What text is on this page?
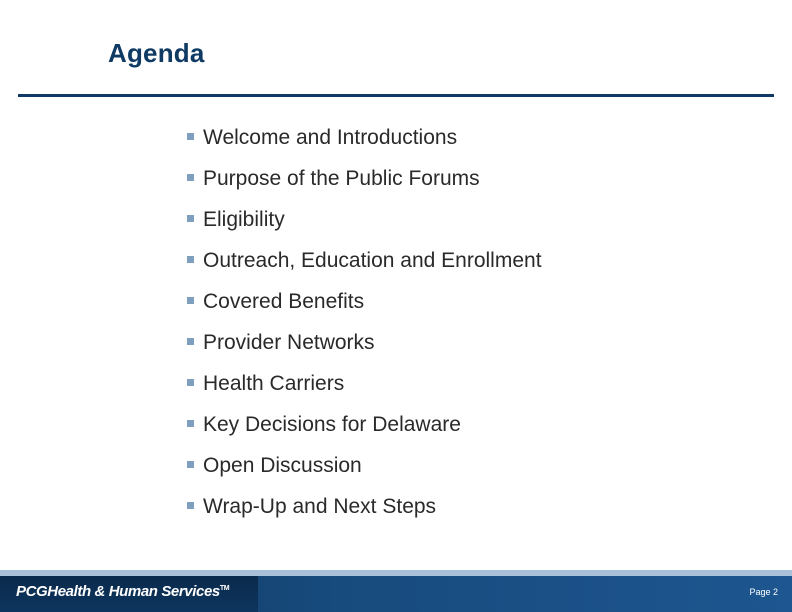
Agenda
Welcome and Introductions
Purpose of the Public Forums
Eligibility
Outreach, Education and Enrollment
Covered Benefits
Provider Networks
Health Carriers
Key Decisions for Delaware
Open Discussion
Wrap-Up and Next Steps
PCGHealth & Human Services™	Page 2
